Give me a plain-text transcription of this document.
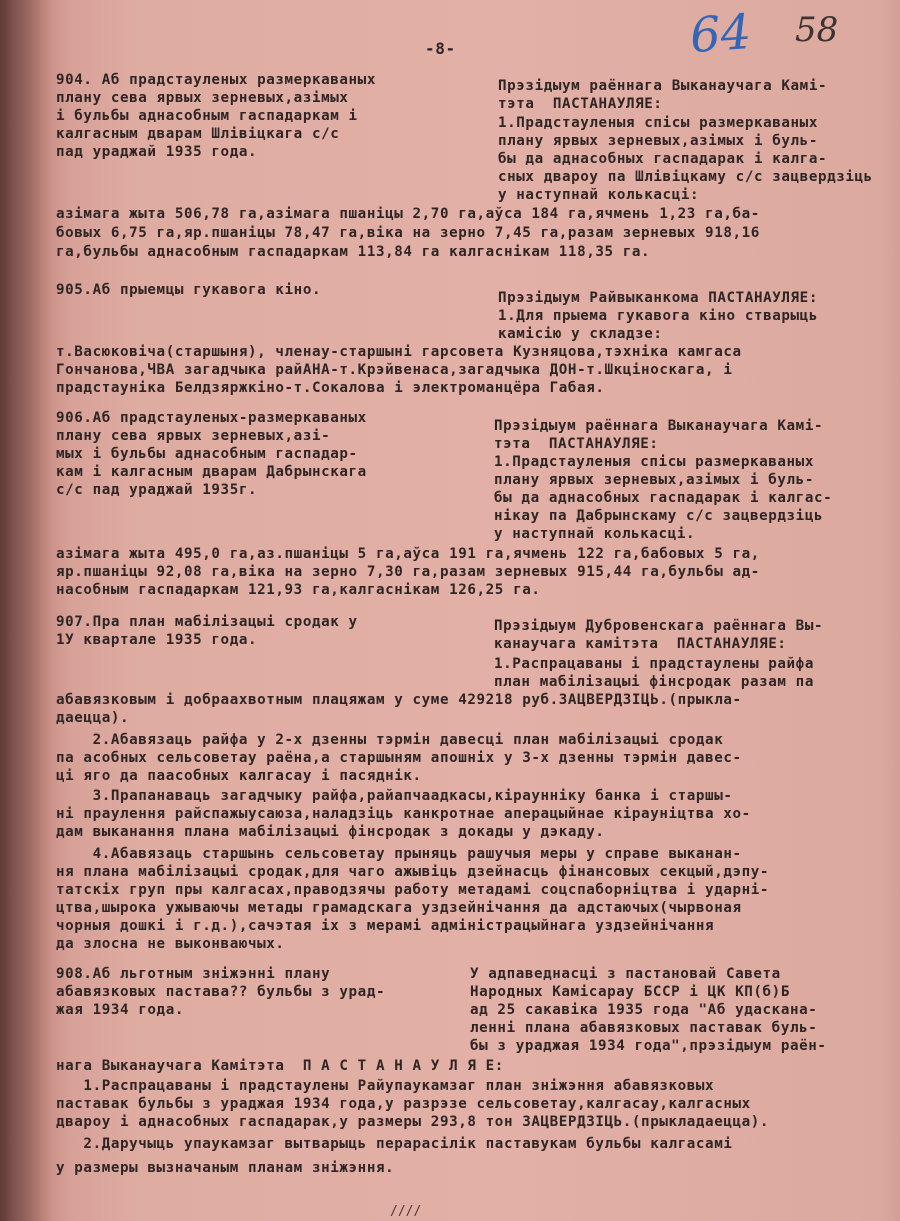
-8-	64 58
904. Аб прадстауленых размеркаваных
плану сева ярвых зерневых,азімых
і бульбы аднасобным гаспадаркам і
калгасным дварам Шлівіцкага с/с
пад ураджай 1935 года.
Прэзідыум раённага Выканаучага Камі-
тэта  ПАСТАНАУЛЯЕ:
1.Прадстауленыя спісы размеркаваных
плану ярвых зерневых,азімых і буль-
бы да аднасобных гаспадарак і калга-
сных двароу па Шлівіцкаму с/с зацвердзіць
у наступнай колькасці:
азімага жыта 506,78 га,азімага пшаніцы 2,70 га,аўса 184 га,ячмень 1,23 га,ба-
бовых 6,75 га,яр.пшаніцы 78,47 га,віка на зерно 7,45 га,разам зерневых 918,16
га,бульбы аднасобным гаспадаркам 113,84 га калгаснікам 118,35 га.
905.Аб прыемцы гукавога кіно.	Прэзідыум Райвыканкома ПАСТАНАУЛЯЕ:
1.Для прыема гукавога кіно стварыць
камісію у складзе:
т.Васюковіча(старшыня), членау-старшыні гарсовета Кузняцова,тэхніка камгаса
Гончанова,ЧВА загадчыка райАНА-т.Крэйвенаса,загадчыка ДОН-т.Шкціноскага, і
прадстауніка Белдзяржкіно-т.Сокалова і электроманцёра Габая.
906.Аб прадстауленых-размеркаваных
плану сева ярвых зерневых,азі-
мых і бульбы аднасобным гаспадар-
кам і калгасным дварам Дабрынскага
с/с пад ураджай 1935г.
Прэзідыум раённага Выканаучага Камі-
тэта  ПАСТАНАУЛЯЕ:
1.Прадстауленыя спісы размеркаваных
плану ярвых зерневых,азімых і буль-
бы да аднасобных гаспадарак і калгас-
нікау па Дабрынскаму с/с зацвердзіць
у наступнай колькасці.
азімага жыта 495,0 га,аз.пшаніцы 5 га,аўса 191 га,ячмень 122 га,бабовых 5 га,
яр.пшаніцы 92,08 га,віка на зерно 7,30 га,разам зерневых 915,44 га,бульбы ад-
насобным гаспадаркам 121,93 га,калгаснікам 126,25 га.
907.Пра план мабілізацыі сродак у
1У квартале 1935 года.
Прэзідыум Дубровенскага раённага Вы-
канаучага камітэта  ПАСТАНАУЛЯЕ:
1.Распрацаваны і прадстаулены райфа
план мабілізацыі фінсродак разам па
абавязковым і добраахвотным плацяжам у суме 429218 руб.ЗАЦВЕРДЗІЦЬ.(прыкла-
даецца).
2.Абавязаць райфа у 2-х дзенны тэрмін давесці план мабілізацыі сродак
па асобных сельсоветау раёна,а старшыням апошніх у 3-х дзенны тэрмін давес-
ці яго да паасобных калгасау і пасяднік.
3.Прапанаваць загадчыку райфа,райапчаадкасы,кіраунніку банка і старшы-
ні праулення райспажыусаюза,наладзіць канкротнае аперацыйнае кірауніцтва хо-
дам выканання плана мабілізацыі фінсродак з докады у дэкаду.
4.Абавязаць старшынь сельсоветау прыняць рашучыя меры у справе выканан-
ня плана мабілізацыі сродак,для чаго ажывіць дзейнасць фінансовых секцый,дэпу-
татскіх груп пры калгасах,праводзячы работу метадамі соцспаборніцтва і ударні-
цтва,шырока ужываючы метады грамадскага уздзейнічання да адстаючых(чырвоная
чорныя дошкі і г.д.),сачэтая іх з мерамі адміністрацыйнага уздзейнічання
да злосна не выконваючых.
908.Аб льготным зніжэнні плану
абавязковых пастава?? бульбы з урад-
жая 1934 года.
У адпаведнасці з пастановай Савета
Народных Камісарау БССР і ЦК КП(б)Б
ад 25 сакавіка 1935 года "Аб удаскана-
ленні плана абавязковых паставак буль-
бы з ураджая 1934 года",прэзідыум раён-
нага Выканаучага Камітэта  П А С Т А Н А У Л Я Е:
1.Распрацаваны і прадстаулены Райупаукамзаг план зніжэння абавязковых
паставак бульбы з ураджая 1934 года,у разрэзе сельсоветау,калгасау,калгасных
двароу і аднасобных гаспадарак,у размеры 293,8 тон ЗАЦВЕРДЗІЦЬ.(прыкладаецца).
2.Даручыць упаукамзаг вытварыць перарасілік паставукам бульбы калгасамі
у размеры вызначаным планам зніжэння.
////
